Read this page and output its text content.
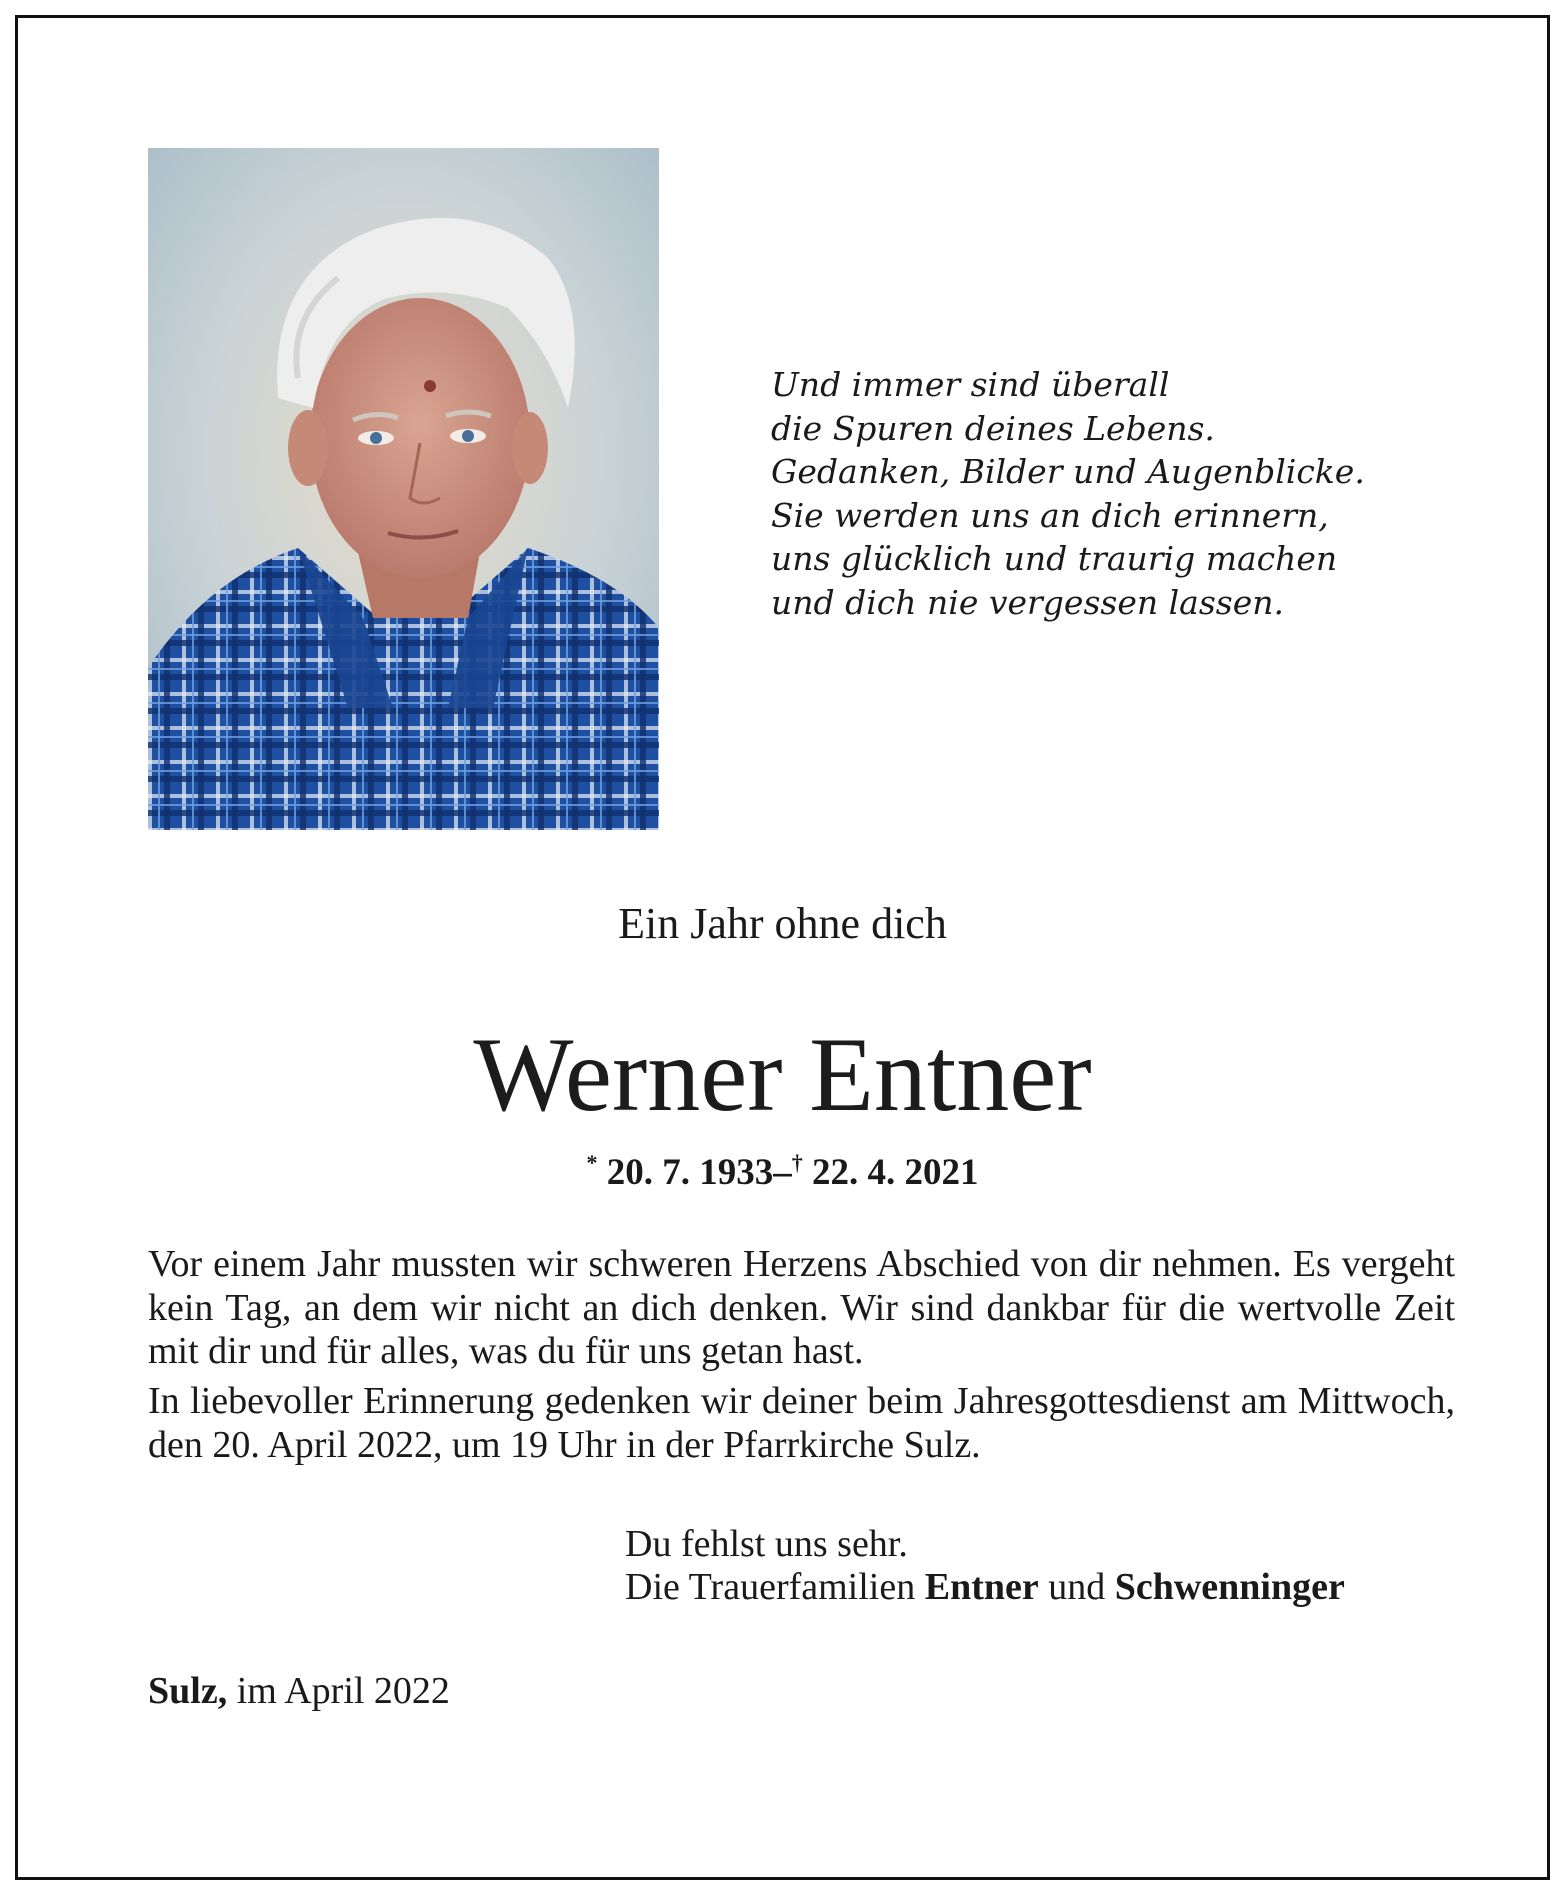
Und immer sind überall
die Spuren deines Lebens.
Gedanken, Bilder und Augenblicke.
Sie werden uns an dich erinnern,
uns glücklich und traurig machen
und dich nie vergessen lassen.
Ein Jahr ohne dich
Werner Entner
* 20. 7. 1933–† 22. 4. 2021

Vor einem Jahr mussten wir schweren Herzens Abschied von dir nehmen. Es vergeht kein Tag, an dem wir nicht an dich denken. Wir sind dankbar für die wertvolle Zeit mit dir und für alles, was du für uns getan hast.

In liebevoller Erinnerung gedenken wir deiner beim Jahresgottesdienst am Mittwoch, den 20. April 2022, um 19 Uhr in der Pfarrkirche Sulz.

Du fehlst uns sehr.
Die Trauerfamilien Entner und Schwenninger
Sulz, im April 2022
